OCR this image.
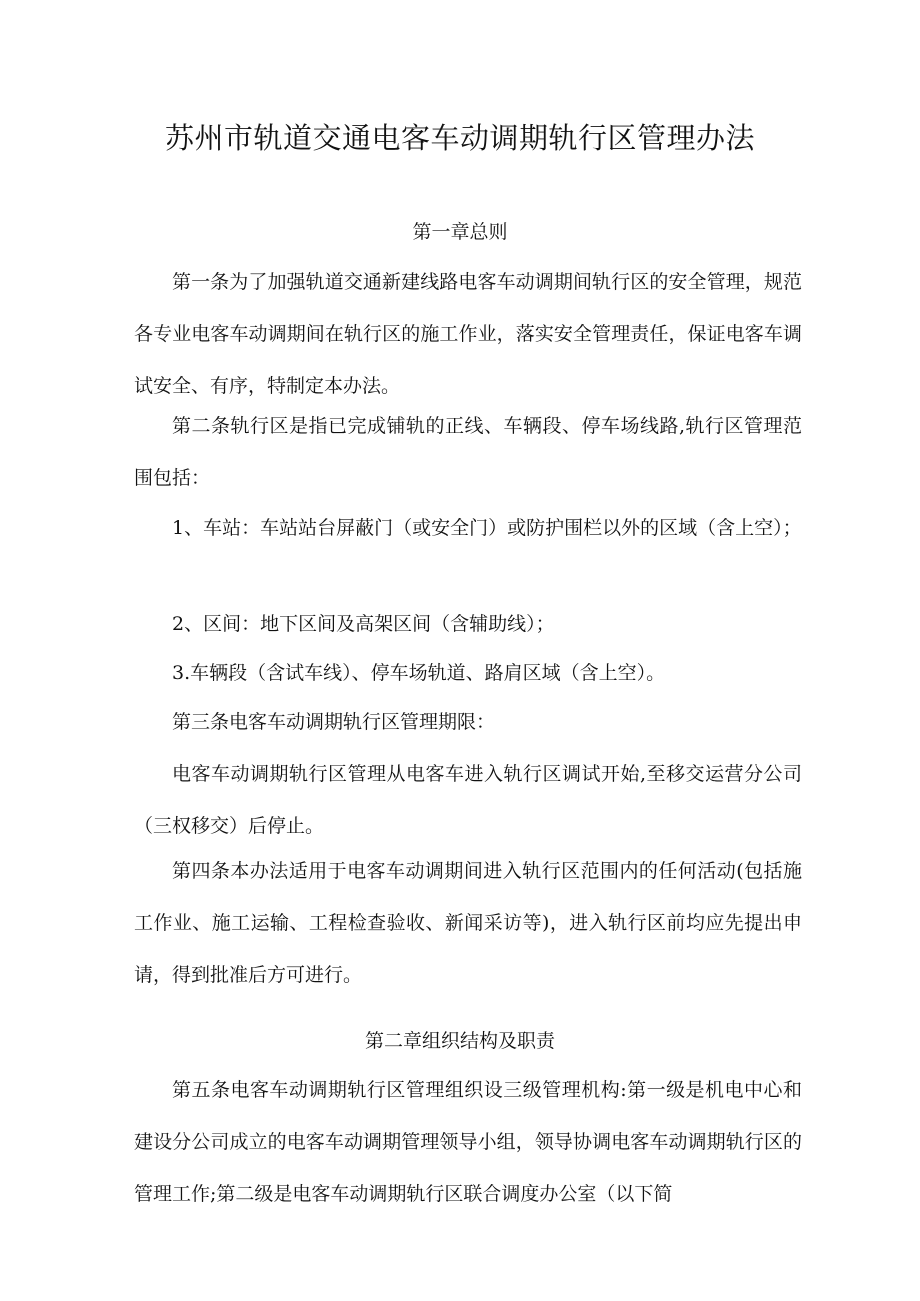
苏州市轨道交通电客车动调期轨行区管理办法
第一章总则

第一条为了加强轨道交通新建线路电客车动调期间轨行区的安全管理，规范各专业电客车动调期间在轨行区的施工作业，落实安全管理责任，保证电客车调试安全、有序，特制定本办法。

第二条轨行区是指已完成铺轨的正线、车辆段、停车场线路,轨行区管理范围包括：

1、车站：车站站台屏蔽门（或安全门）或防护围栏以外的区域（含上空）；

2、区间：地下区间及高架区间（含辅助线）；

3.车辆段（含试车线）、停车场轨道、路肩区域（含上空）。

第三条电客车动调期轨行区管理期限：

电客车动调期轨行区管理从电客车进入轨行区调试开始,至移交运营分公司（三权移交）后停止。

第四条本办法适用于电客车动调期间进入轨行区范围内的任何活动(包括施工作业、施工运输、工程检查验收、新闻采访等)，进入轨行区前均应先提出申请，得到批准后方可进行。

第二章组织结构及职责

第五条电客车动调期轨行区管理组织设三级管理机构:第一级是机电中心和建设分公司成立的电客车动调期管理领导小组，领导协调电客车动调期轨行区的管理工作;第二级是电客车动调期轨行区联合调度办公室（以下简
